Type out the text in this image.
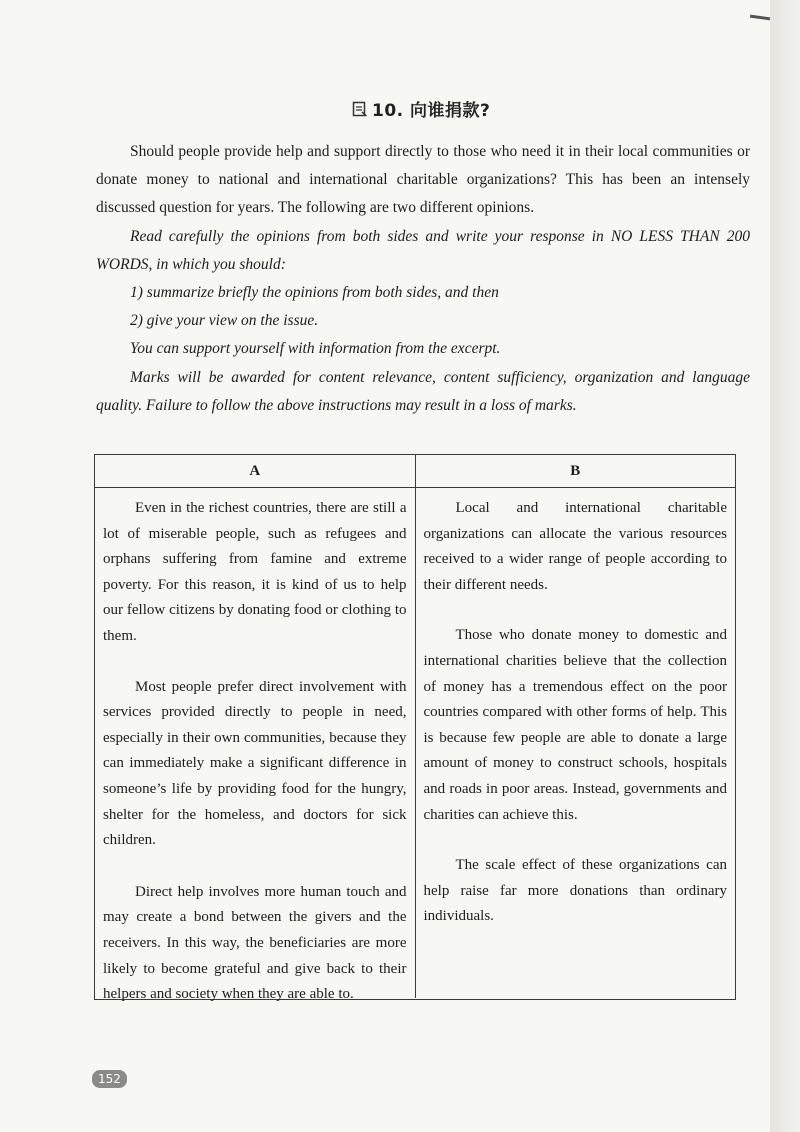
10. 向谁捐款?

Should people provide help and support directly to those who need it in their local communities or donate money to national and international charitable organizations? This has been an intensely discussed question for years. The following are two different opinions.

Read carefully the opinions from both sides and write your response in NO LESS THAN 200 WORDS, in which you should:

1) summarize briefly the opinions from both sides, and then

2) give your view on the issue.

You can support yourself with information from the excerpt.

Marks will be awarded for content relevance, content sufficiency, organization and language quality. Failure to follow the above instructions may result in a loss of marks.

A	B

Even in the richest countries, there are still a lot of miserable people, such as refugees and orphans suffering from famine and extreme poverty. For this reason, it is kind of us to help our fellow citizens by donating food or clothing to them.

Most people prefer direct involvement with services provided directly to people in need, especially in their own communities, because they can immediately make a significant difference in someone’s life by providing food for the hungry, shelter for the homeless, and doctors for sick children.

Direct help involves more human touch and may create a bond between the givers and the receivers. In this way, the beneficiaries are more likely to become grateful and give back to their helpers and society when they are able to.

Local and international charitable organizations can allocate the various resources received to a wider range of people according to their different needs.

Those who donate money to domestic and international charities believe that the collection of money has a tremendous effect on the poor countries compared with other forms of help. This is because few people are able to donate a large amount of money to construct schools, hospitals and roads in poor areas. Instead, governments and charities can achieve this.

The scale effect of these organizations can help raise far more donations than ordinary individuals.

152
